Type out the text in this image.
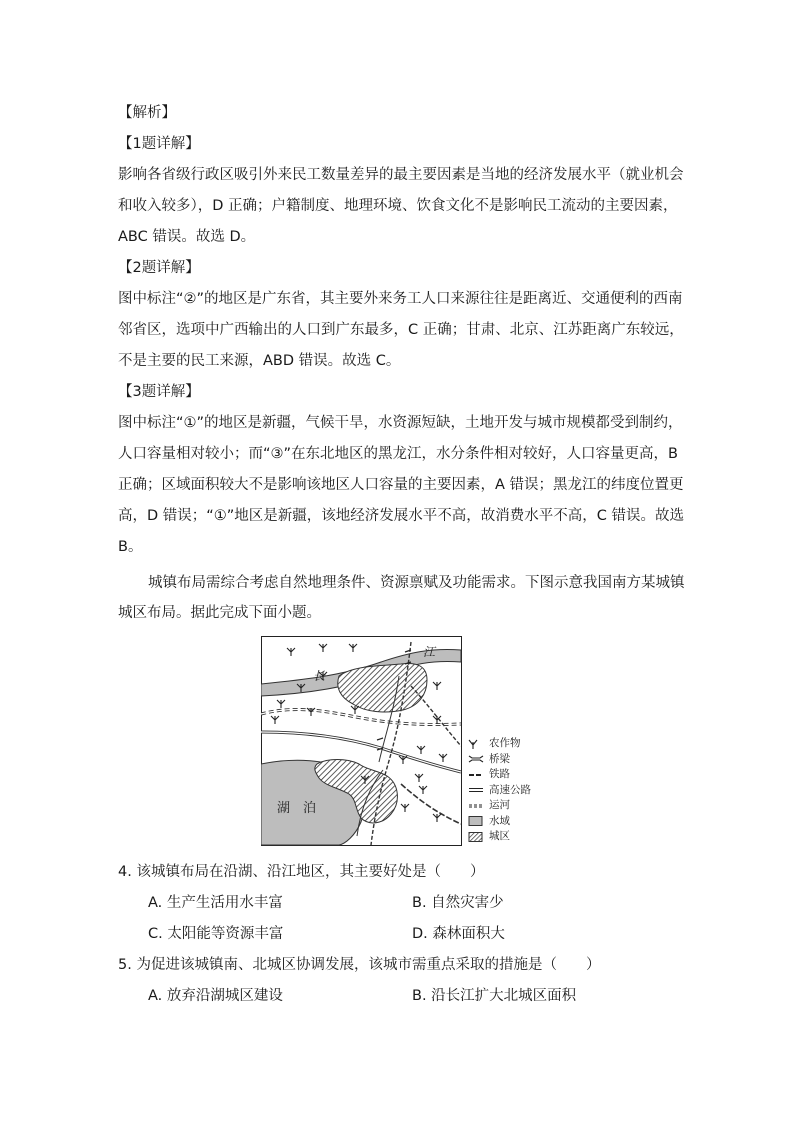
【解析】
【1题详解】
影响各省级行政区吸引外来民工数量差异的最主要因素是当地的经济发展水平（就业机会
和收入较多），D 正确；户籍制度、地理环境、饮食文化不是影响民工流动的主要因素，
ABC 错误。故选 D。
【2题详解】
图中标注“②”的地区是广东省，其主要外来务工人口来源往往是距离近、交通便利的西南
邻省区，选项中广西输出的人口到广东最多，C 正确；甘肃、北京、江苏距离广东较远，
不是主要的民工来源，ABD 错误。故选 C。
【3题详解】
图中标注“①”的地区是新疆，气候干旱，水资源短缺，土地开发与城市规模都受到制约，
人口容量相对较小；而“③”在东北地区的黑龙江，水分条件相对较好，人口容量更高，B
正确；区域面积较大不是影响该地区人口容量的主要因素，A 错误；黑龙江的纬度位置更
高，D 错误；“①”地区是新疆，该地经济发展水平不高，故消费水平不高，C 错误。故选
B。
城镇布局需综合考虑自然地理条件、资源禀赋及功能需求。下图示意我国南方某城镇
城区布局。据此完成下面小题。
长
江
湖　泊
农作物
桥梁
铁路
高速公路
运河
水域
城区
4. 该城镇布局在沿湖、沿江地区，其主要好处是（　　）
A. 生产生活用水丰富	B. 自然灾害少
C. 太阳能等资源丰富	D. 森林面积大
5. 为促进该城镇南、北城区协调发展，该城市需重点采取的措施是（　　）
A. 放弃沿湖城区建设	B. 沿长江扩大北城区面积
